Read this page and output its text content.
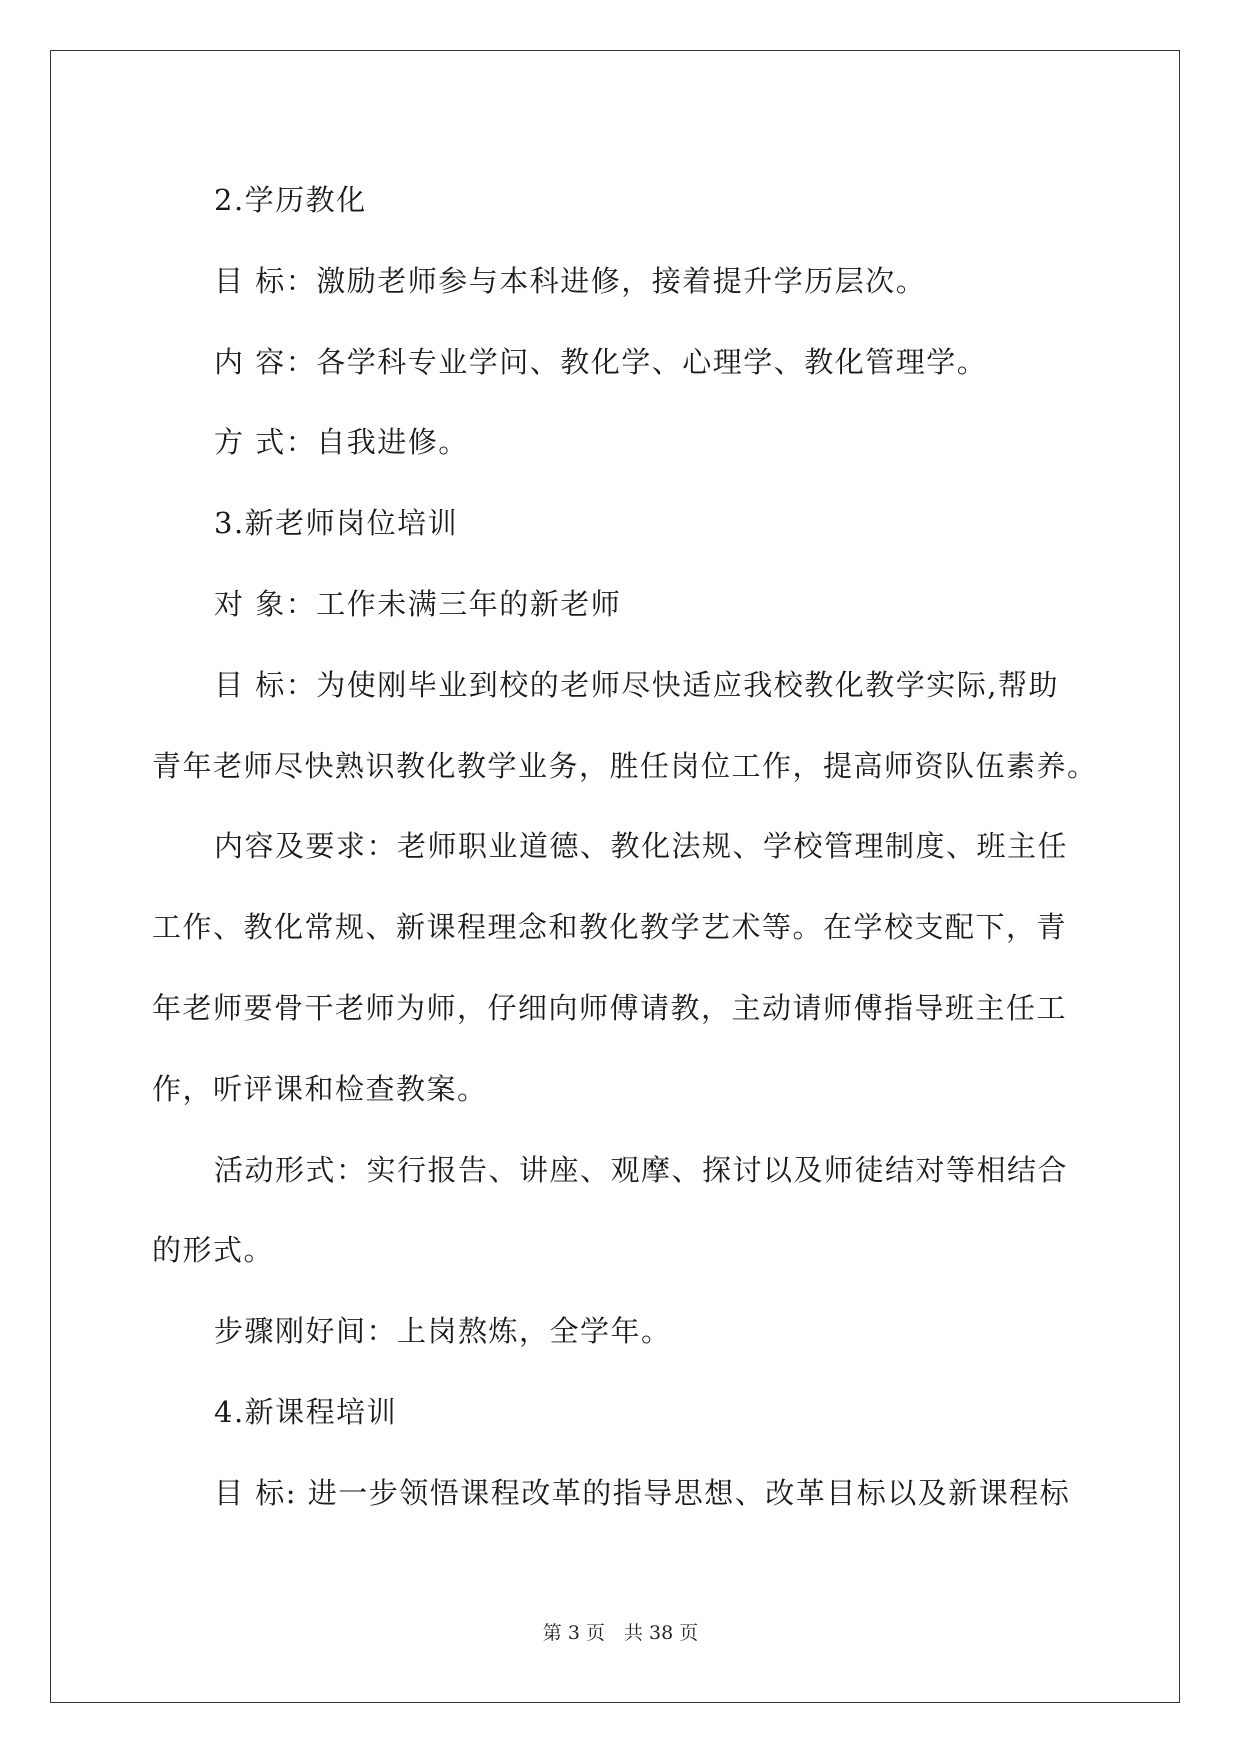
2.学历教化
目 标：激励老师参与本科进修，接着提升学历层次。
内 容：各学科专业学问、教化学、心理学、教化管理学。
方 式：自我进修。
3.新老师岗位培训
对 象：工作未满三年的新老师
目 标：为使刚毕业到校的老师尽快适应我校教化教学实际,帮助
青年老师尽快熟识教化教学业务，胜任岗位工作，提高师资队伍素养。
内容及要求：老师职业道德、教化法规、学校管理制度、班主任
工作、教化常规、新课程理念和教化教学艺术等。在学校支配下，青
年老师要骨干老师为师，仔细向师傅请教，主动请师傅指导班主任工
作，听评课和检查教案。
活动形式：实行报告、讲座、观摩、探讨以及师徒结对等相结合
的形式。
步骤刚好间：上岗熬炼，全学年。
4.新课程培训
目 标: 进一步领悟课程改革的指导思想、改革目标以及新课程标
第 3 页　共 38 页
